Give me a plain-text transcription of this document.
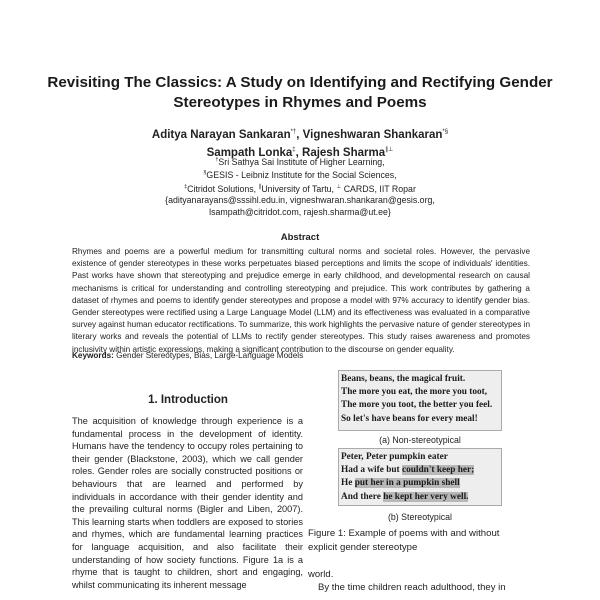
Revisiting The Classics: A Study on Identifying and Rectifying Gender Stereotypes in Rhymes and Poems
Aditya Narayan Sankaran*†, Vigneshwaran Shankaran*§
Sampath Lonka‡, Rajesh Sharma∥⊥
†Sri Sathya Sai Institute of Higher Learning,
§GESIS - Leibniz Institute for the Social Sciences,
‡Citridot Solutions, ∥University of Tartu, ⊥ CARDS, IIT Ropar
{adityanarayans@sssihl.edu.in, vigneshwaran.shankaran@gesis.org,
lsampath@citridot.com, rajesh.sharma@ut.ee}
Abstract
Rhymes and poems are a powerful medium for transmitting cultural norms and societal roles. However, the pervasive existence of gender stereotypes in these works perpetuates biased perceptions and limits the scope of individuals' identities. Past works have shown that stereotyping and prejudice emerge in early childhood, and developmental research on causal mechanisms is critical for understanding and controlling stereotyping and prejudice. This work contributes by gathering a dataset of rhymes and poems to identify gender stereotypes and propose a model with 97% accuracy to identify gender bias. Gender stereotypes were rectified using a Large Language Model (LLM) and its effectiveness was evaluated in a comparative survey against human educator rectifications. To summarize, this work highlights the pervasive nature of gender stereotypes in literary works and reveals the potential of LLMs to rectify gender stereotypes. This study raises awareness and promotes inclusivity within artistic expressions, making a significant contribution to the discourse on gender equality.
Keywords: Gender Stereotypes, Bias, Large-Language Models
1. Introduction
The acquisition of knowledge through experience is a fundamental process in the development of identity. Humans have the tendency to occupy roles pertaining to their gender (Blackstone, 2003), which we call gender roles. Gender roles are socially constructed positions or behaviours that are learned and performed by individuals in accordance with their gender identity and the prevailing cultural norms (Bigler and Liben, 2007). This learning starts when toddlers are exposed to stories and rhymes, which are fundamental learning practices for language acquisition, and also facilitate their understanding of how society functions. Figure 1a is a rhyme that is taught to children, short and engaging, whilst communicating its inherent message
Beans, beans, the magical fruit.
The more you eat, the more you toot,
The more you toot, the better you feel.
So let's have beans for every meal!
(a) Non-stereotypical
Peter, Peter pumpkin eater
Had a wife but couldn't keep her;
He put her in a pumpkin shell
And there he kept her very well.
(b) Stereotypical
Figure 1: Example of poems with and without explicit gender stereotype
world.
By the time children reach adulthood, they in
